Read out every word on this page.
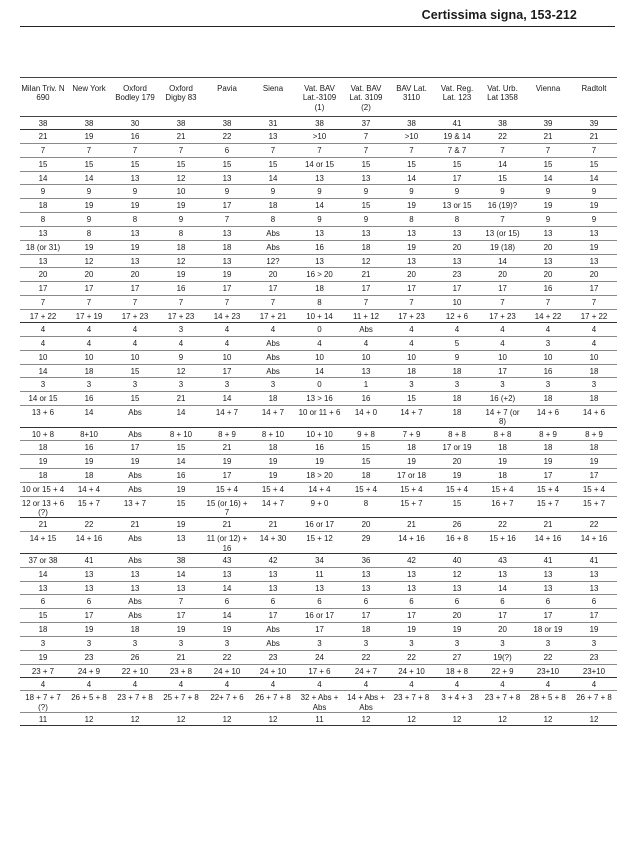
Certissima signa, 153-212
Milan Triv. N 690	New York	Oxford Bodley 179	Oxford Digby 83	Pavia	Siena	Vat. BAV Lat.-3109 (1)	Vat. BAV Lat. 3109 (2)	BAV Lat. 3110	Vat. Reg. Lat. 123	Vat. Urb. Lat 1358	Vienna	Radtolt
38	38	30	38	38	31	38	37	38	41	38	39	39
21	19	16	21	22	13	>10	7	>10	19 & 14	22	21	21
7	7	7	7	6	7	7	7	7	7 & 7	7	7	7
15	15	15	15	15	15	14 or 15	15	15	15	14	15	15
14	14	13	12	13	14	13	13	14	17	15	14	14
9	9	9	10	9	9	9	9	9	9	9	9	9
18	19	19	19	17	18	14	15	19	13 or 15	16 (19)?	19	19
8	9	8	9	7	8	9	9	8	8	7	9	9
13	8	13	8	13	Abs	13	13	13	13	13 (or 15)	13	13
18 (or 31)	19	19	18	18	Abs	16	18	19	20	19 (18)	20	19
13	12	13	12	13	12?	13	12	13	13	14	13	13
20	20	20	19	19	20	16 > 20	21	20	23	20	20	20
17	17	17	16	17	17	18	17	17	17	17	16	17
7	7	7	7	7	7	8	7	7	10	7	7	7
17 + 22	17 + 19	17 + 23	17 + 23	14 + 23	17 + 21	10 + 14	11 + 12	17 + 23	12 + 6	17 + 23	14 + 22	17 + 22
4	4	4	3	4	4	0	Abs	4	4	4	4	4
4	4	4	4	4	Abs	4	4	4	5	4	3	4
10	10	10	9	10	Abs	10	10	10	9	10	10	10
14	18	15	12	17	Abs	14	13	18	18	17	16	18
3	3	3	3	3	3	0	1	3	3	3	3	3
14 or 15	16	15	21	14	18	13 > 16	16	15	18	16 (+2)	18	18
13 + 6	14	Abs	14	14 + 7	14 + 7	10 or 11 + 6	14 + 0	14 + 7	18	14 + 7 (or 8)	14 + 6	14 + 6
10 + 8	8+10	Abs	8 + 10	8 + 9	8 + 10	10 + 10	9 + 8	7 + 9	8 + 8	8 + 8	8 + 9	8 + 9
18	16	17	15	21	18	16	15	18	17 or 19	18	18	18
19	19	19	14	19	19	19	15	19	20	19	19	19
18	18	Abs	16	17	19	18 > 20	18	17 or 18	19	18	17	17
10 or 15 + 4	14 + 4	Abs	19	15 + 4	15 + 4	14 + 4	15 + 4	15 + 4	15 + 4	15 + 4	15 + 4	15 + 4
12 or 13 + 6 (?)	15 + 7	13 + 7	15	15 (or 16) + 7	14 + 7	9 + 0	8	15 + 7	15	16 + 7	15 + 7	15 + 7
21	22	21	19	21	21	16 or 17	20	21	26	22	21	22
14 + 15	14 + 16	Abs	13	11 (or 12) + 16	14 + 30	15 + 12	29	14 + 16	16 + 8	15 + 16	14 + 16	14 + 16
37 or 38	41	Abs	38	43	42	34	36	42	40	43	41	41
14	13	13	14	13	13	11	13	13	12	13	13	13
13	13	13	13	14	13	13	13	13	13	14	13	13
6	6	Abs	7	6	6	6	6	6	6	6	6	6
15	17	Abs	17	14	17	16 or 17	17	17	20	17	17	17
18	19	18	19	19	Abs	17	18	19	19	20	18 or 19	19
3	3	3	3	3	Abs	3	3	3	3	3	3	3
19	23	26	21	22	23	24	22	22	27	19(?)	22	23
23 + 7	24 + 9	22 + 10	23 + 8	24 + 10	24 + 10	17 + 6	24 + 7	24 + 10	18 + 8	22 + 9	23+10	23+10
4	4	4	4	4	4	4	4	4	4	4	4	4
18 + 7 + 7 (?)	26 + 5 + 8	23 + 7 + 8	25 + 7 + 8	22+ 7 + 6	26 + 7 + 8	32 + Abs + Abs	14 + Abs + Abs	23 + 7 + 8	3 + 4 + 3	23 + 7 + 8	28 + 5 + 8	26 + 7 + 8
11	12	12	12	12	12	11	12	12	12	12	12	12
